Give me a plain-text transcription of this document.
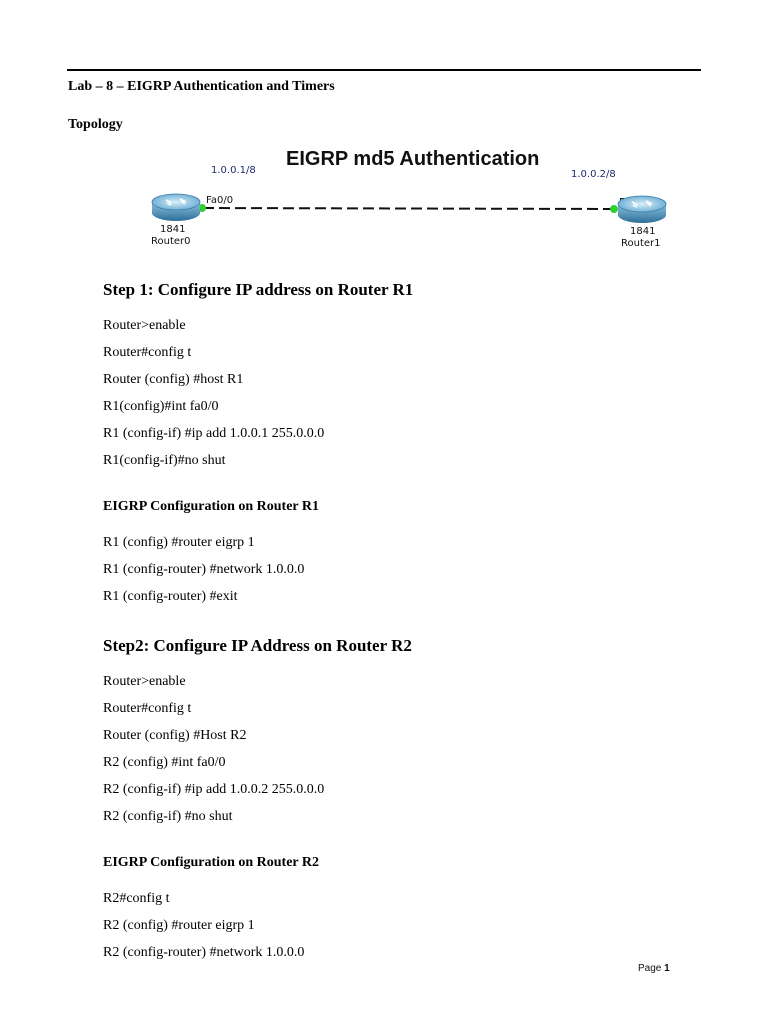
Lab – 8 – EIGRP Authentication and Timers
Topology
EIGRP md5 Authentication
1.0.0.1/8	1.0.0.2/8
Fa0/0
1841
Router0
1841
Router1
Step 1: Configure IP address on Router R1
Router>enable
Router#config t
Router (config) #host R1
R1(config)#int fa0/0
R1 (config-if) #ip add 1.0.0.1 255.0.0.0
R1(config-if)#no shut
EIGRP Configuration on Router R1
R1 (config) #router eigrp 1
R1 (config-router) #network 1.0.0.0
R1 (config-router) #exit
Step2: Configure IP Address on Router R2
Router>enable
Router#config t
Router (config) #Host R2
R2 (config) #int fa0/0
R2 (config-if) #ip add 1.0.0.2 255.0.0.0
R2 (config-if) #no shut
EIGRP Configuration on Router R2
R2#config t
R2 (config) #router eigrp 1
R2 (config-router) #network 1.0.0.0
Page 1
